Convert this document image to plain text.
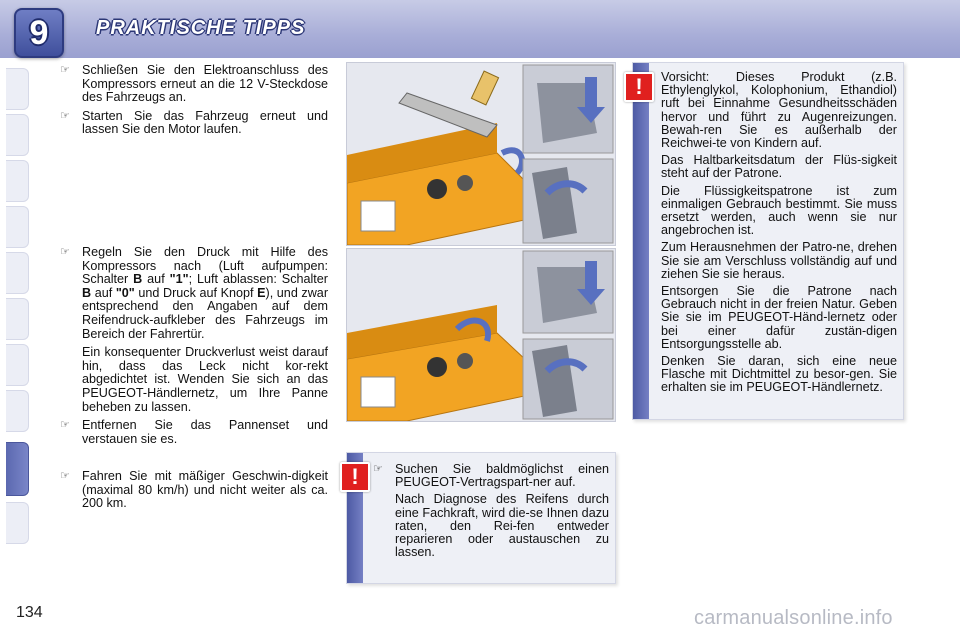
9	PRAKTISCHE TIPPS
☞ Schließen Sie den Elektroanschluss des Kompressors erneut an die 12 V-Steckdose des Fahrzeugs an.
☞ Starten Sie das Fahrzeug erneut und lassen Sie den Motor laufen.
☞ Regeln Sie den Druck mit Hilfe des Kompressors nach (Luft aufpumpen: Schalter B auf "1"; Luft ablassen: Schalter B auf "0" und Druck auf Knopf E), und zwar entsprechend den Angaben auf dem Reifendruck-aufkleber des Fahrzeugs im Bereich der Fahrertür.
Ein konsequenter Druckverlust weist darauf hin, dass das Leck nicht kor-rekt abgedichtet ist. Wenden Sie sich an das PEUGEOT-Händlernetz, um Ihre Panne beheben zu lassen.
☞ Entfernen Sie das Pannenset und verstauen sie es.
☞ Fahren Sie mit mäßiger Geschwin-digkeit (maximal 80 km/h) und nicht weiter als ca. 200 km.

☞ Suchen Sie baldmöglichst einen PEUGEOT-Vertragspart-ner auf.

Nach Diagnose des Reifens durch eine Fachkraft, wird die-se Ihnen dazu raten, den Rei-fen entweder reparieren oder austauschen zu lassen.

!

Vorsicht: Dieses Produkt (z.B. Ethylenglykol, Kolophonium, Ethandiol) ruft bei Einnahme Gesundheitsschäden hervor und führt zu Augenreizungen. Bewah-ren Sie es außerhalb der Reichwei-te von Kindern auf.

Das Haltbarkeitsdatum der Flüs-sigkeit steht auf der Patrone.

Die Flüssigkeitspatrone ist zum einmaligen Gebrauch bestimmt. Sie muss ersetzt werden, auch wenn sie nur angebrochen ist.

Zum Herausnehmen der Patro-ne, drehen Sie sie am Verschluss vollständig auf und ziehen Sie sie heraus.

Entsorgen Sie die Patrone nach Gebrauch nicht in der freien Natur. Geben Sie sie im PEUGEOT-Händ-lernetz oder bei einer dafür zustän-digen Entsorgungsstelle ab.

Denken Sie daran, sich eine neue Flasche mit Dichtmittel zu besor-gen. Sie erhalten sie im PEUGEOT-Händlernetz.

!
134	carmanualsonline.info
